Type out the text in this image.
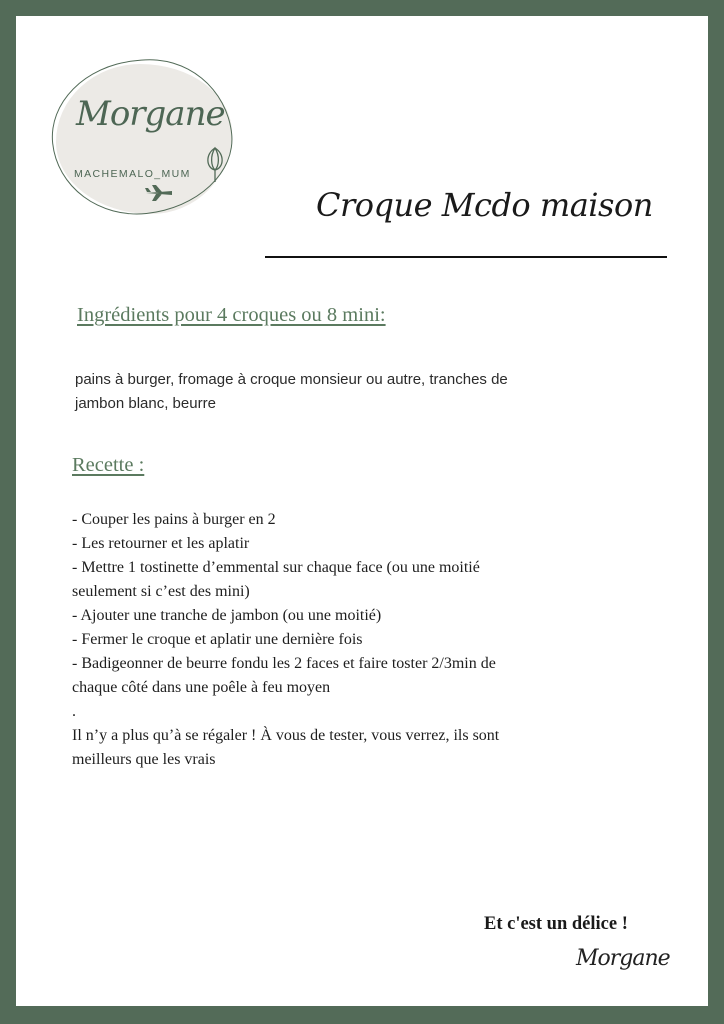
Morgane
MACHEMALO_MUM
Croque Mcdo maison
Ingrédients pour 4 croques ou 8 mini:
pains à burger, fromage à croque monsieur ou autre, tranches de
jambon blanc, beurre
Recette :
- Couper les pains à burger en 2
- Les retourner et les aplatir
- Mettre 1 tostinette d’emmental sur chaque face (ou une moitié
seulement si c’est des mini)
- Ajouter une tranche de jambon (ou une moitié)
- Fermer le croque et aplatir une dernière fois
- Badigeonner de beurre fondu les 2 faces et faire toster 2/3min de
chaque côté dans une poêle à feu moyen
.
Il n’y a plus qu’à se régaler ! À vous de tester, vous verrez, ils sont
meilleurs que les vrais
Et c'est un délice !
Morgane
